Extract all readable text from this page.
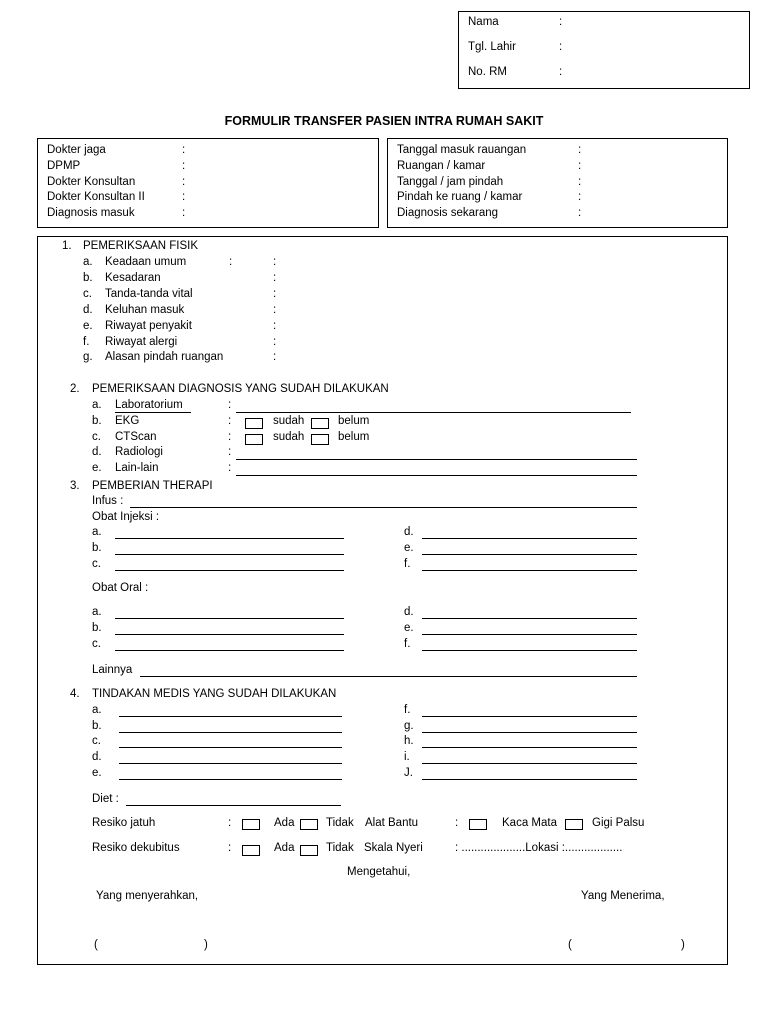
Nama	:
Tgl. Lahir	:
No. RM	:
FORMULIR TRANSFER PASIEN INTRA RUMAH SAKIT
Dokter jaga	:
DPMP	:
Dokter Konsultan	:
Dokter Konsultan II	:
Diagnosis masuk	:
Tanggal masuk rauangan	:
Ruangan / kamar	:
Tanggal / jam pindah	:
Pindah ke ruang / kamar	:
Diagnosis sekarang	:
1. PEMERIKSAAN FISIK
a. Keadaan umum	:	:
b. Kesadaran	:
c. Tanda-tanda vital	:
d. Keluhan masuk	:
e. Riwayat penyakit	:
f. Riwayat alergi	:
g. Alasan pindah ruangan	:
2. PEMERIKSAAN DIAGNOSIS YANG SUDAH DILAKUKAN
a. Laboratorium	:
b. EKG	:	sudah	belum
c. CTScan	:	sudah	belum
d. Radiologi	:
e. Lain-lain	:
3. PEMBERIAN THERAPI
Infus :
Obat Injeksi :
Obat Oral :
Lainnya
a.	d.
b.	e.
c.	f.
a.	d.
b.	e.
c.	f.
4. TINDAKAN MEDIS YANG SUDAH DILAKUKAN
a.	f.
b.	g.
c.	h.
d.	i.
e.	J.
Diet :
Resiko jatuh	:	Ada	Tidak Alat Bantu	:	Kaca Mata	Gigi Palsu
Resiko dekubitus	:	Ada	Tidak Skala Nyeri	: ....................Lokasi :..................
Mengetahui,
Yang menyerahkan,	Yang Menerima,
(	)	(	)
